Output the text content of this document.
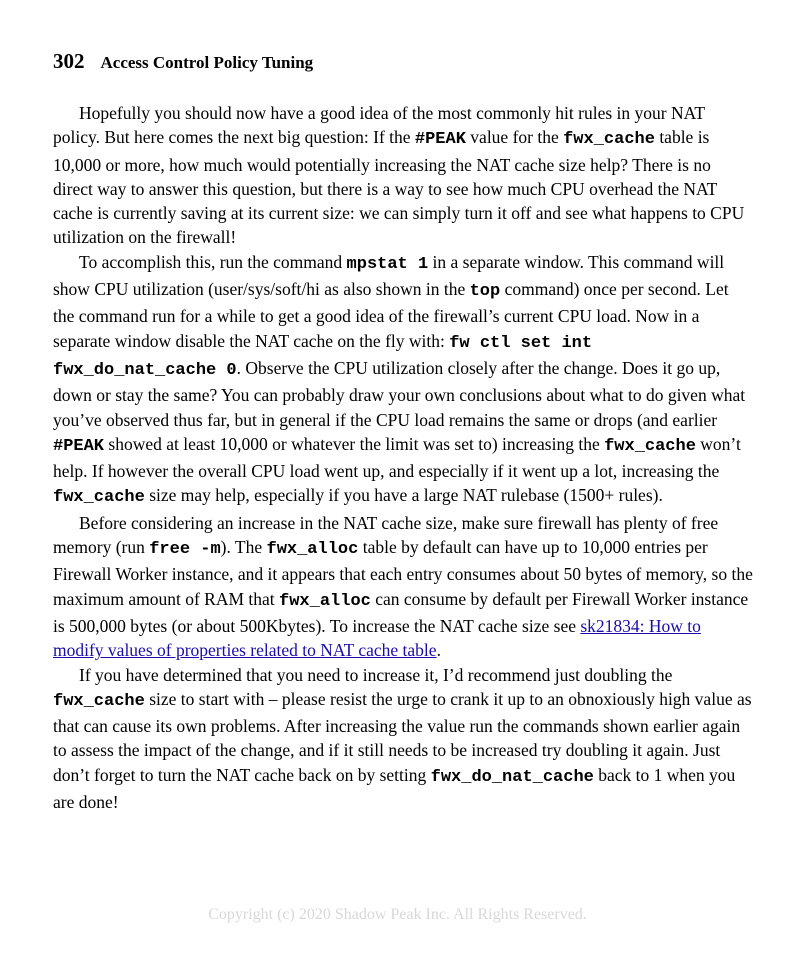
302 Access Control Policy Tuning

Hopefully you should now have a good idea of the most commonly hit rules in your NAT policy. But here comes the next big question: If the #PEAK value for the fwx_cache table is 10,000 or more, how much would potentially increasing the NAT cache size help? There is no direct way to answer this question, but there is a way to see how much CPU overhead the NAT cache is currently saving at its current size: we can simply turn it off and see what happens to CPU utilization on the firewall!

To accomplish this, run the command mpstat 1 in a separate window. This command will show CPU utilization (user/sys/soft/hi as also shown in the top command) once per second. Let the command run for a while to get a good idea of the firewall’s current CPU load. Now in a separate window disable the NAT cache on the fly with: fw ctl set int fwx_do_nat_cache 0. Observe the CPU utilization closely after the change. Does it go up, down or stay the same? You can probably draw your own conclusions about what to do given what you’ve observed thus far, but in general if the CPU load remains the same or drops (and earlier #PEAK showed at least 10,000 or whatever the limit was set to) increasing the fwx_cache won’t help. If however the overall CPU load went up, and especially if it went up a lot, increasing the fwx_cache size may help, especially if you have a large NAT rulebase (1500+ rules).

Before considering an increase in the NAT cache size, make sure firewall has plenty of free memory (run free -m). The fwx_alloc table by default can have up to 10,000 entries per Firewall Worker instance, and it appears that each entry consumes about 50 bytes of memory, so the maximum amount of RAM that fwx_alloc can consume by default per Firewall Worker instance is 500,000 bytes (or about 500Kbytes). To increase the NAT cache size see sk21834: How to modify values of properties related to NAT cache table.

If you have determined that you need to increase it, I’d recommend just doubling the fwx_cache size to start with – please resist the urge to crank it up to an obnoxiously high value as that can cause its own problems. After increasing the value run the commands shown earlier again to assess the impact of the change, and if it still needs to be increased try doubling it again. Just don’t forget to turn the NAT cache back on by setting fwx_do_nat_cache back to 1 when you are done!

Copyright (c) 2020 Shadow Peak Inc. All Rights Reserved.
